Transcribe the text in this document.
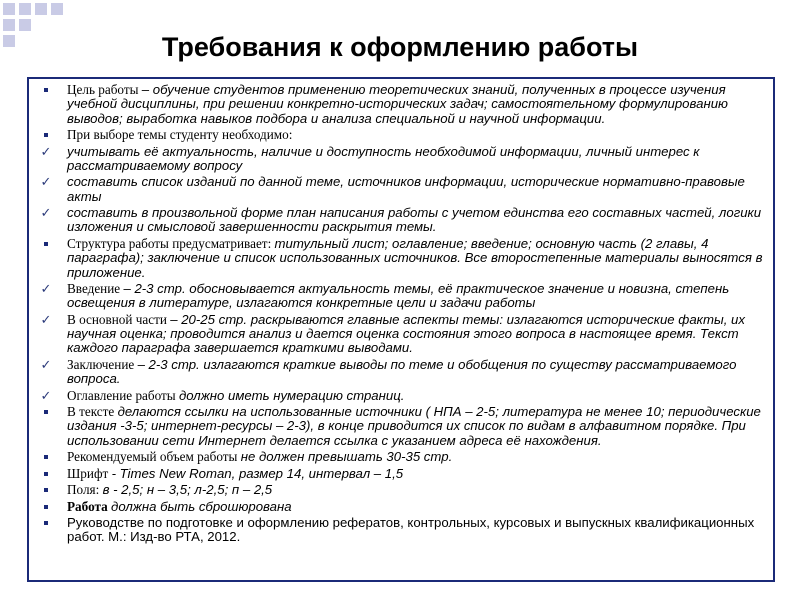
Требования к оформлению работы
Цель работы – обучение студентов применению теоретических знаний, полученных в процессе изучения учебной дисциплины, при решении конкретно-исторических задач; самостоятельному формулированию выводов; выработка навыков подбора и анализа специальной и научной информации.
При выборе темы студенту необходимо:
✓	учитывать её актуальность, наличие и доступность необходимой информации, личный интерес к рассматриваемому вопросу
✓	составить список изданий по данной теме, источников информации, исторические нормативно-правовые акты
✓	составить в произвольной форме план написания работы с учетом единства его составных частей, логики изложения и смысловой завершенности раскрытия темы.
Структура работы предусматривает: титульный лист; оглавление; введение; основную часть (2 главы, 4 параграфа); заключение и список использованных источников. Все второстепенные материалы выносятся в приложение.
✓	Введение – 2-3 стр. обосновывается актуальность темы, её практическое значение и новизна, степень освещения в литературе, излагаются конкретные цели и задачи работы
✓	В основной части – 20-25 стр. раскрываются главные аспекты темы: излагаются исторические факты, их научная оценка; проводится анализ и дается оценка состояния этого вопроса в настоящее время. Текст каждого параграфа завершается краткими выводами.
✓	Заключение – 2-3 стр. излагаются краткие выводы по теме и обобщения по существу рассматриваемого вопроса.
✓	Оглавление работы должно иметь нумерацию страниц.
В тексте делаются ссылки на использованные источники ( НПА – 2-5; литература не менее 10; периодические издания -3-5; интернет-ресурсы – 2-3), в конце приводится их список по видам в алфавитном порядке. При использовании сети Интернет делается ссылка с указанием адреса её нахождения.
Рекомендуемый объем работы не должен превышать 30-35 стр.
Шрифт - Times New Roman, размер 14, интервал – 1,5
Поля: в - 2,5; н – 3,5; л-2,5; п – 2,5
Работа должна быть сброшюрована
Руководстве по подготовке и оформлению рефератов, контрольных, курсовых и выпускных квалификационных работ. М.: Изд-во РТА, 2012.
